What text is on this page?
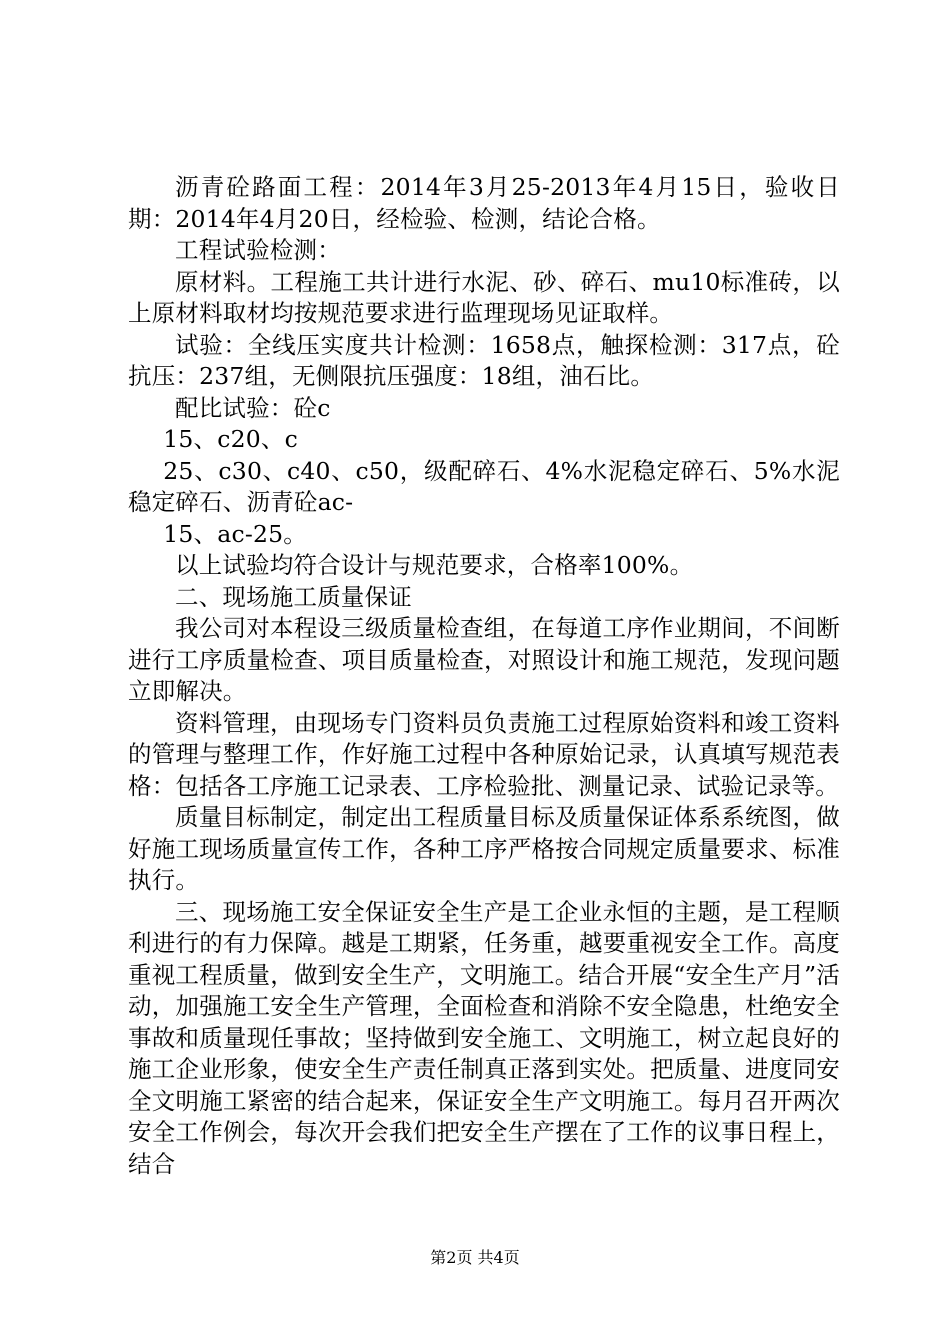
沥青砼路面工程：2014年3月25-2013年4月15日，验收日期：2014年4月20日，经检验、检测，结论合格。

工程试验检测：

原材料。工程施工共计进行水泥、砂、碎石、mu10标准砖，以上原材料取材均按规范要求进行监理现场见证取样。

试验：全线压实度共计检测：1658点，触探检测：317点，砼抗压：237组，无侧限抗压强度：18组，油石比。

配比试验：砼c

15、c20、c

25、c30、c40、c50，级配碎石、4%水泥稳定碎石、5%水泥稳定碎石、沥青砼ac-

15、ac-25。

以上试验均符合设计与规范要求，合格率100%。

二、现场施工质量保证

我公司对本程设三级质量检查组，在每道工序作业期间，不间断进行工序质量检查、项目质量检查，对照设计和施工规范，发现问题立即解决。

资料管理，由现场专门资料员负责施工过程原始资料和竣工资料的管理与整理工作，作好施工过程中各种原始记录，认真填写规范表格：包括各工序施工记录表、工序检验批、测量记录、试验记录等。

质量目标制定，制定出工程质量目标及质量保证体系系统图，做好施工现场质量宣传工作，各种工序严格按合同规定质量要求、标准执行。

三、现场施工安全保证安全生产是工企业永恒的主题，是工程顺利进行的有力保障。越是工期紧，任务重，越要重视安全工作。高度重视工程质量，做到安全生产，文明施工。结合开展“安全生产月”活动，加强施工安全生产管理，全面检查和消除不安全隐患，杜绝安全事故和质量现任事故；坚持做到安全施工、文明施工，树立起良好的施工企业形象，使安全生产责任制真正落到实处。把质量、进度同安全文明施工紧密的结合起来，保证安全生产文明施工。每月召开两次安全工作例会，每次开会我们把安全生产摆在了工作的议事日程上，结合

第2页 共4页
